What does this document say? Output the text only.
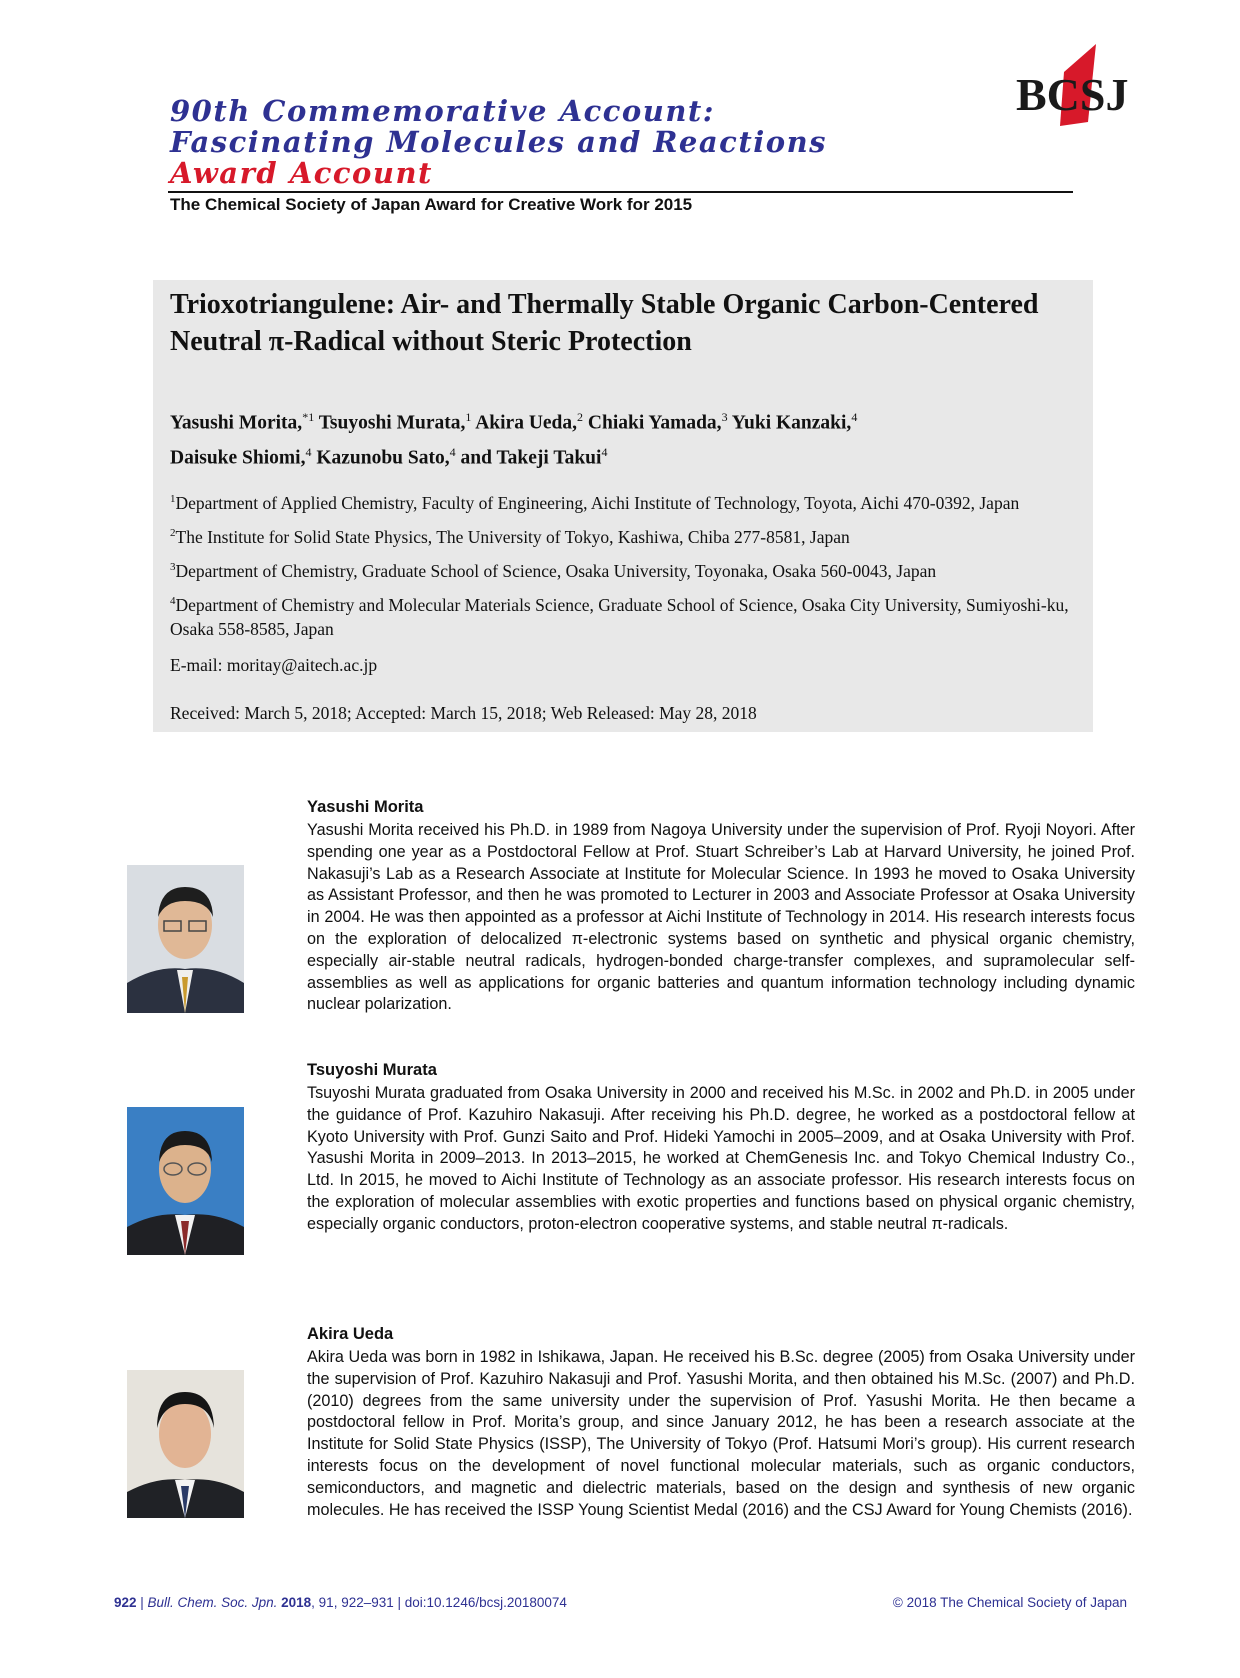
BCSJ
90th Commemorative Account:
Fascinating Molecules and Reactions
Award Account
The Chemical Society of Japan Award for Creative Work for 2015
Trioxotriangulene: Air- and Thermally Stable Organic Carbon-Centered
Neutral π-Radical without Steric Protection
Yasushi Morita,$^{*1}$ Tsuyoshi Murata,$^1$ Akira Ueda,$^2$ Chiaki Yamada,$^3$ Yuki Kanzaki,$^4$
Daisuke Shiomi,$^4$ Kazunobu Sato,$^4$ and Takeji Takui$^4$
$^1$Department of Applied Chemistry, Faculty of Engineering, Aichi Institute of Technology, Toyota, Aichi 470-0392, Japan
$^2$The Institute for Solid State Physics, The University of Tokyo, Kashiwa, Chiba 277-8581, Japan
$^3$Department of Chemistry, Graduate School of Science, Osaka University, Toyonaka, Osaka 560-0043, Japan
$^4$Department of Chemistry and Molecular Materials Science, Graduate School of Science, Osaka City University, Sumiyoshi-ku, Osaka 558-8585, Japan
E-mail: moritay@aitech.ac.jp
Received: March 5, 2018; Accepted: March 15, 2018; Web Released: May 28, 2018
Yasushi Morita
Yasushi Morita received his Ph.D. in 1989 from Nagoya University under the supervision of Prof. Ryoji Noyori. After spending one year as a Postdoctoral Fellow at Prof. Stuart Schreiber’s Lab at Harvard University, he joined Prof. Nakasuji’s Lab as a Research Associate at Institute for Molecular Science. In 1993 he moved to Osaka University as Assistant Professor, and then he was promoted to Lecturer in 2003 and Associate Professor at Osaka University in 2004. He was then appointed as a professor at Aichi Institute of Technology in 2014. His research interests focus on the exploration of delocalized π-electronic systems based on synthetic and physical organic chemistry, especially air-stable neutral radicals, hydrogen-bonded charge-transfer complexes, and supramolecular self-assemblies as well as applications for organic batteries and quantum information technology including dynamic nuclear polarization.
Tsuyoshi Murata
Tsuyoshi Murata graduated from Osaka University in 2000 and received his M.Sc. in 2002 and Ph.D. in 2005 under the guidance of Prof. Kazuhiro Nakasuji. After receiving his Ph.D. degree, he worked as a postdoctoral fellow at Kyoto University with Prof. Gunzi Saito and Prof. Hideki Yamochi in 2005–2009, and at Osaka University with Prof. Yasushi Morita in 2009–2013. In 2013–2015, he worked at ChemGenesis Inc. and Tokyo Chemical Industry Co., Ltd. In 2015, he moved to Aichi Institute of Technology as an associate professor. His research interests focus on the exploration of molecular assemblies with exotic properties and functions based on physical organic chemistry, especially organic conductors, proton-electron cooperative systems, and stable neutral π-radicals.
Akira Ueda
Akira Ueda was born in 1982 in Ishikawa, Japan. He received his B.Sc. degree (2005) from Osaka University under the supervision of Prof. Kazuhiro Nakasuji and Prof. Yasushi Morita, and then obtained his M.Sc. (2007) and Ph.D. (2010) degrees from the same university under the supervision of Prof. Yasushi Morita. He then became a postdoctoral fellow in Prof. Morita’s group, and since January 2012, he has been a research associate at the Institute for Solid State Physics (ISSP), The University of Tokyo (Prof. Hatsumi Mori’s group). His current research interests focus on the development of novel functional molecular materials, such as organic conductors, semiconductors, and magnetic and dielectric materials, based on the design and synthesis of new organic molecules. He has received the ISSP Young Scientist Medal (2016) and the CSJ Award for Young Chemists (2016).
922 | Bull. Chem. Soc. Jpn. 2018, 91, 922–931 | doi:10.1246/bcsj.20180074	© 2018 The Chemical Society of Japan
